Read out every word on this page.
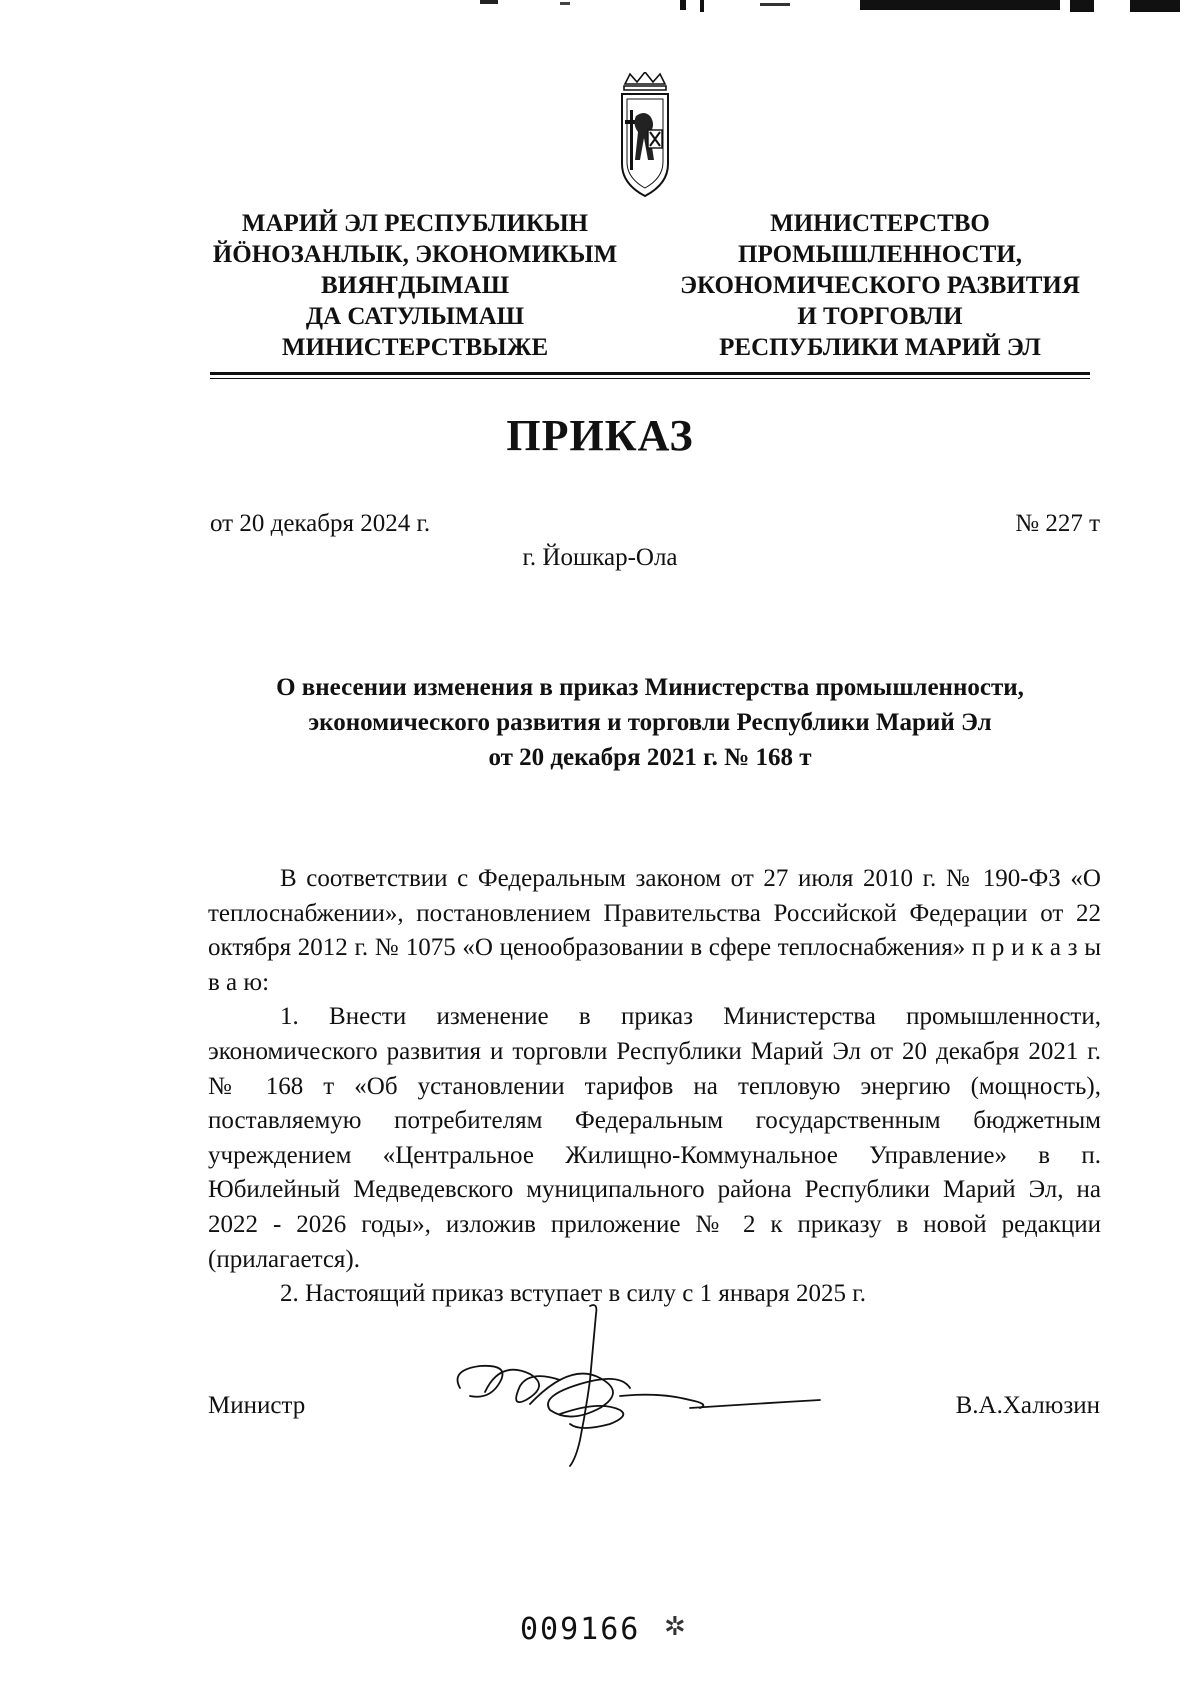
МАРИЙ ЭЛ РЕСПУБЛИКЫН
ЙӦНОЗАНЛЫК, ЭКОНОМИКЫМ
ВИЯҤДЫМАШ
ДА САТУЛЫМАШ
МИНИСТЕРСТВЫЖЕ
МИНИСТЕРСТВО
ПРОМЫШЛЕННОСТИ,
ЭКОНОМИЧЕСКОГО РАЗВИТИЯ
И ТОРГОВЛИ
РЕСПУБЛИКИ МАРИЙ ЭЛ
ПРИКАЗ
от 20 декабря 2024 г.	№ 227 т
г. Йошкар-Ола
О внесении изменения в приказ Министерства промышленности,
экономического развития и торговли Республики Марий Эл
от 20 декабря 2021 г. № 168 т

В соответствии с Федеральным законом от 27 июля 2010 г. № 190-ФЗ «О теплоснабжении», постановлением Правительства Российской Федерации от 22 октября 2012 г. № 1075 «О ценообразовании в сфере теплоснабжения» п р и к а з ы в а ю:

1. Внести изменение в приказ Министерства промышленности, экономического развития и торговли Республики Марий Эл от 20 декабря 2021 г. № 168 т «Об установлении тарифов на тепловую энергию (мощность), поставляемую потребителям Федеральным государственным бюджетным учреждением «Центральное Жилищно-Коммунальное Управление» в п. Юбилейный Медведевского муниципального района Республики Марий Эл, на 2022 - 2026 годы», изложив приложение № 2 к приказу в новой редакции (прилагается).

2. Настоящий приказ вступает в силу с 1 января 2025 г.

Министр	В.А.Халюзин
009166 ✲
